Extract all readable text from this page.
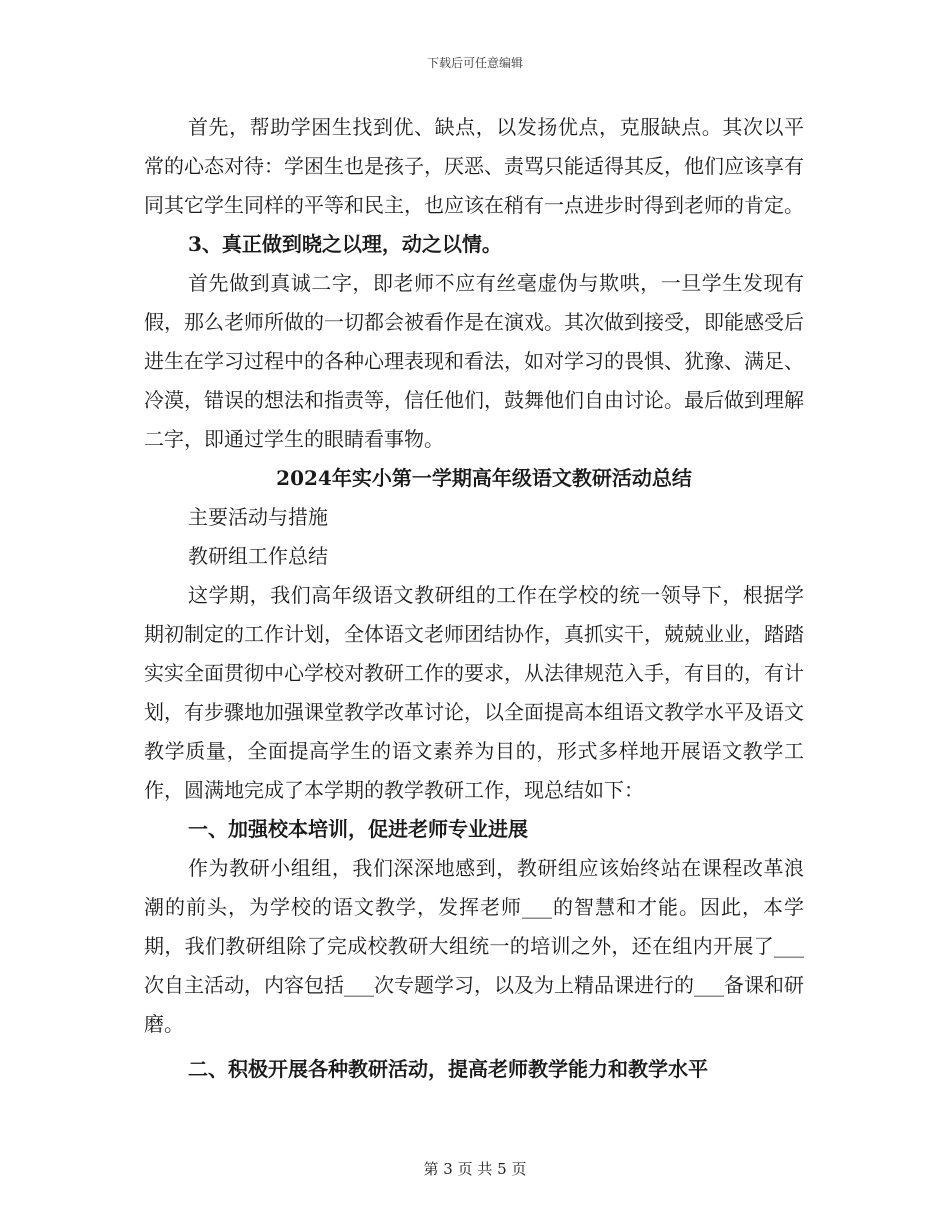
下载后可任意编辑

首先，帮助学困生找到优、缺点，以发扬优点，克服缺点。其次以平常的心态对待：学困生也是孩子，厌恶、责骂只能适得其反，他们应该享有同其它学生同样的平等和民主，也应该在稍有一点进步时得到老师的肯定。

3、真正做到晓之以理，动之以情。

首先做到真诚二字，即老师不应有丝毫虚伪与欺哄，一旦学生发现有假，那么老师所做的一切都会被看作是在演戏。其次做到接受，即能感受后进生在学习过程中的各种心理表现和看法，如对学习的畏惧、犹豫、满足、冷漠，错误的想法和指责等，信任他们，鼓舞他们自由讨论。最后做到理解二字，即通过学生的眼睛看事物。

2024年实小第一学期高年级语文教研活动总结

主要活动与措施

教研组工作总结

这学期，我们高年级语文教研组的工作在学校的统一领导下，根据学期初制定的工作计划，全体语文老师团结协作，真抓实干，兢兢业业，踏踏实实全面贯彻中心学校对教研工作的要求，从法律规范入手，有目的，有计划，有步骤地加强课堂教学改革讨论，以全面提高本组语文教学水平及语文教学质量，全面提高学生的语文素养为目的，形式多样地开展语文教学工作，圆满地完成了本学期的教学教研工作，现总结如下：

一、加强校本培训，促进老师专业进展

作为教研小组组，我们深深地感到，教研组应该始终站在课程改革浪潮的前头，为学校的语文教学，发挥老师___的智慧和才能。因此，本学期，我们教研组除了完成校教研大组统一的培训之外，还在组内开展了___次自主活动，内容包括___次专题学习，以及为上精品课进行的___备课和研磨。

二、积极开展各种教研活动，提高老师教学能力和教学水平

第 3 页 共 5 页
